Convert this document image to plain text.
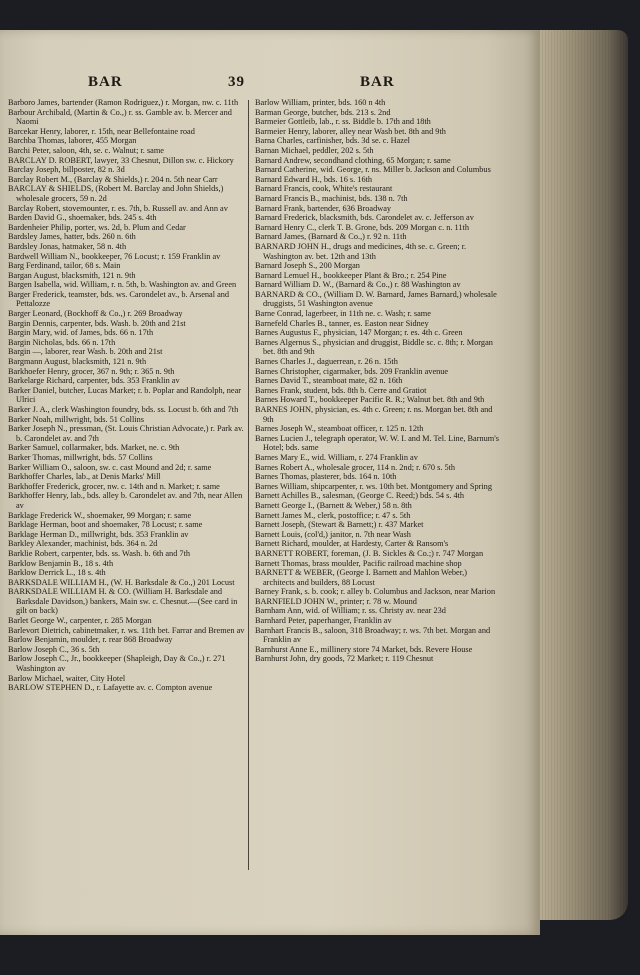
BAR	39	BAR

Barboro James, bartender (Ramon Rodriguez,) r. Morgan, nw. c. 11th

Barbour Archibald, (Martin & Co.,) r. ss. Gamble av. b. Mercer and Naomi

Barcekar Henry, laborer, r. 15th, near Bellefontaine road

Barchba Thomas, laborer, 455 Morgan

Barchi Peter, saloon, 4th, se. c. Walnut; r. same

BARCLAY D. ROBERT, lawyer, 33 Chesnut, Dillon sw. c. Hickory

Barclay Joseph, billposter, 82 n. 3d

Barclay Robert M., (Barclay & Shields,) r. 204 n. 5th near Carr

BARCLAY & SHIELDS, (Robert M. Barclay and John Shields,) wholesale grocers, 59 n. 2d

Barclay Robert, stovemounter, r. es. 7th, b. Russell av. and Ann av

Barden David G., shoemaker, bds. 245 s. 4th

Bardenheier Philip, porter, ws. 2d, b. Plum and Cedar

Bardsley James, hatter, bds. 260 n. 6th

Bardsley Jonas, hatmaker, 58 n. 4th

Bardwell William N., bookkeeper, 76 Locust; r. 159 Franklin av

Barg Ferdinand, tailor, 68 s. Main

Bargan August, blacksmith, 121 n. 9th

Bargen Isabella, wid. William, r. n. 5th, b. Washington av. and Green

Barger Frederick, teamster, bds. ws. Carondelet av., b. Arsenal and Pettalozze

Barger Leonard, (Bockhoff & Co.,) r. 269 Broadway

Bargin Dennis, carpenter, bds. Wash. b. 20th and 21st

Bargin Mary, wid. of James, bds. 66 n. 17th

Bargin Nicholas, bds. 66 n. 17th

Bargin —, laborer, rear Wash. b. 20th and 21st

Bargmann August, blacksmith, 121 n. 9th

Barkhoefer Henry, grocer, 367 n. 9th; r. 365 n. 9th

Barkelarge Richard, carpenter, bds. 353 Franklin av

Barker Daniel, butcher, Lucas Market; r. b. Poplar and Randolph, near Ulrici

Barker J. A., clerk Washington foundry, bds. ss. Locust b. 6th and 7th

Barker Noah, millwright, bds. 51 Collins

Barker Joseph N., pressman, (St. Louis Christian Advocate,) r. Park av. b. Carondelet av. and 7th

Barker Samuel, collarmaker, bds. Market, ne. c. 9th

Barker Thomas, millwright, bds. 57 Collins

Barker William O., saloon, sw. c. cast Mound and 2d; r. same

Barkhoffer Charles, lab., at Denis Marks' Mill

Barkhoffer Frederick, grocer, nw. c. 14th and n. Market; r. same

Barkhoffer Henry, lab., bds. alley b. Carondelet av. and 7th, near Allen av

Barklage Frederick W., shoemaker, 99 Morgan; r. same

Barklage Herman, boot and shoemaker, 78 Locust; r. same

Barklage Herman D., millwright, bds. 353 Franklin av

Barkley Alexander, machinist, bds. 364 n. 2d

Barklie Robert, carpenter, bds. ss. Wash. b. 6th and 7th

Barklow Benjamin B., 18 s. 4th

Barklow Derrick L., 18 s. 4th

BARKSDALE WILLIAM H., (W. H. Barksdale & Co.,) 201 Locust

BARKSDALE WILLIAM H. & CO. (William H. Barksdale and Barksdale Davidson,) bankers, Main sw. c. Chesnut.—(See card in gilt on back)

Barlet George W., carpenter, r. 285 Morgan

Barlevort Dietrich, cabinetmaker, r. ws. 11th bet. Farrar and Bremen av

Barlow Benjamin, moulder, r. rear 868 Broadway

Barlow Joseph C., 36 s. 5th

Barlow Joseph C., Jr., bookkeeper (Shapleigh, Day & Co.,) r. 271 Washington av

Barlow Michael, waiter, City Hotel

BARLOW STEPHEN D., r. Lafayette av. c. Compton avenue

Barlow William, printer, bds. 160 n 4th

Barman George, butcher, bds. 213 s. 2nd

Barmeier Gottleib, lab., r. ss. Biddle b. 17th and 18th

Barmeier Henry, laborer, alley near Wash bet. 8th and 9th

Barna Charles, carfinisher, bds. 3d se. c. Hazel

Barnan Michael, peddler, 202 s. 5th

Barnard Andrew, secondhand clothing, 65 Morgan; r. same

Barnard Catherine, wid. George, r. ns. Miller b. Jackson and Columbus

Barnard Edward H., bds. 16 s. 16th

Barnard Francis, cook, White's restaurant

Barnard Francis B., machinist, bds. 138 n. 7th

Barnard Frank, bartender, 636 Broadway

Barnard Frederick, blacksmith, bds. Carondelet av. c. Jefferson av

Barnard Henry C., clerk T. B. Grone, bds. 209 Morgan c. n. 11th

Barnard James, (Barnard & Co.,) r. 92 n. 11th

BARNARD JOHN H., drugs and medicines, 4th se. c. Green; r. Washington av. bet. 12th and 13th

Barnard Joseph S., 200 Morgan

Barnard Lemuel H., bookkeeper Plant & Bro.; r. 254 Pine

Barnard William D. W., (Barnard & Co.,) r. 88 Washington av

BARNARD & CO., (William D. W. Barnard, James Barnard,) wholesale druggists, 51 Washington avenue

Barne Conrad, lagerbeer, in 11th ne. c. Wash; r. same

Barnefeld Charles B., tanner, es. Easton near Sidney

Barnes Augustus F., physician, 147 Morgan; r. es. 4th c. Green

Barnes Algernus S., physician and druggist, Biddle sc. c. 8th; r. Morgan bet. 8th and 9th

Barnes Charles J., daguerrean, r. 26 n. 15th

Barnes Christopher, cigarmaker, bds. 209 Franklin avenue

Barnes David T., steamboat mate, 82 n. 16th

Barnes Frank, student, bds. 8th b. Cerre and Gratiot

Barnes Howard T., bookkeeper Pacific R. R.; Walnut bet. 8th and 9th

BARNES JOHN, physician, es. 4th c. Green; r. ns. Morgan bet. 8th and 9th

Barnes Joseph W., steamboat officer, r. 125 n. 12th

Barnes Lucien J., telegraph operator, W. W. I. and M. Tel. Line, Barnum's Hotel; bds. same

Barnes Mary E., wid. William, r. 274 Franklin av

Barnes Robert A., wholesale grocer, 114 n. 2nd; r. 670 s. 5th

Barnes Thomas, plasterer, bds. 164 n. 10th

Barnes William, shipcarpenter, r. ws. 10th bet. Montgomery and Spring

Barnett Achilles B., salesman, (George C. Reed;) bds. 54 s. 4th

Barnett George I., (Barnett & Weber,) 58 n. 8th

Barnett James M., clerk, postoffice; r. 47 s. 5th

Barnett Joseph, (Stewart & Barnett;) r. 437 Market

Barnett Louis, (col'd,) janitor, n. 7th near Wash

Barnett Richard, moulder, at Hardesty, Carter & Ransom's

BARNETT ROBERT, foreman, (J. B. Sickles & Co.;) r. 747 Morgan

Barnett Thomas, brass moulder, Pacific railroad machine shop

BARNETT & WEBER, (George I. Barnett and Mahlon Weber,) architects and builders, 88 Locust

Barney Frank, s. b. cook; r. alley b. Columbus and Jackson, near Marion

BARNFIELD JOHN W., printer; r. 78 w. Mound

Barnham Ann, wid. of William; r. ss. Christy av. near 23d

Barnhard Peter, paperhanger, Franklin av

Barnhart Francis B., saloon, 318 Broadway; r. ws. 7th bet. Morgan and Franklin av

Barnhurst Anne E., millinery store 74 Market, bds. Revere House

Barnhurst John, dry goods, 72 Market; r. 119 Chesnut
